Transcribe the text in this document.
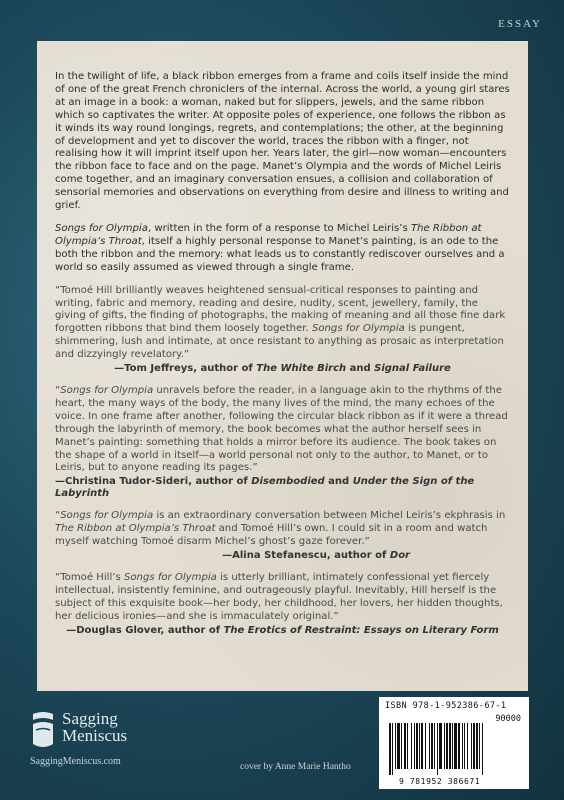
ESSAY

In the twilight of life, a black ribbon emerges from a frame and coils itself inside the mind of one of the great French chroniclers of the internal. Across the world, a young girl stares at an image in a book: a woman, naked but for slippers, jewels, and the same ribbon which so captivates the writer. At opposite poles of experience, one follows the ribbon as it winds its way round longings, regrets, and contemplations; the other, at the beginning of development and yet to discover the world, traces the ribbon with a finger, not realising how it will imprint itself upon her. Years later, the girl—now woman—encounters the ribbon face to face and on the page. Manet’s Olympia and the words of Michel Leiris come together, and an imaginary conversation ensues, a collision and collaboration of sensorial memories and observations on everything from desire and illness to writing and grief.

Songs for Olympia, written in the form of a response to Michel Leiris’s The Ribbon at Olympia’s Throat, itself a highly personal response to Manet’s painting, is an ode to the both the ribbon and the memory: what leads us to constantly rediscover ourselves and a world so easily assumed as viewed through a single frame.

“Tomoé Hill brilliantly weaves heightened sensual-critical responses to painting and writing, fabric and memory, reading and desire, nudity, scent, jewellery, family, the giving of gifts, the finding of photographs, the making of meaning and all those fine dark forgotten ribbons that bind them loosely together. Songs for Olympia is pungent, shimmering, lush and intimate, at once resistant to anything as prosaic as interpretation and dizzyingly revelatory.”
—Tom Jeffreys, author of The White Birch and Signal Failure

“Songs for Olympia unravels before the reader, in a language akin to the rhythms of the heart, the many ways of the body, the many lives of the mind, the many echoes of the voice. In one frame after another, following the circular black ribbon as if it were a thread through the labyrinth of memory, the book becomes what the author herself sees in Manet’s painting: something that holds a mirror before its audience. The book takes on the shape of a world in itself—a world personal not only to the author, to Manet, or to Leiris, but to anyone reading its pages.”
—Christina Tudor-Sideri, author of Disembodied and Under the Sign of the Labyrinth

“Songs for Olympia is an extraordinary conversation between Michel Leiris’s ekphrasis in The Ribbon at Olympia’s Throat and Tomoé Hill’s own. I could sit in a room and watch myself watching Tomoé disarm Michel’s ghost’s gaze forever.”
—Alina Stefanescu, author of Dor

“Tomoé Hill’s Songs for Olympia is utterly brilliant, intimately confessional yet fiercely intellectual, insistently feminine, and outrageously playful. Inevitably, Hill herself is the subject of this exquisite book—her body, her childhood, her lovers, her hidden thoughts, her delicious ironies—and she is immaculately original.”
—Douglas Glover, author of The Erotics of Restraint: Essays on Literary Form

Sagging
Meniscus
SaggingMeniscus.com	cover by Anne Marie Hantho
ISBN 978-1-952386-67-1
90000
9 781952 386671
